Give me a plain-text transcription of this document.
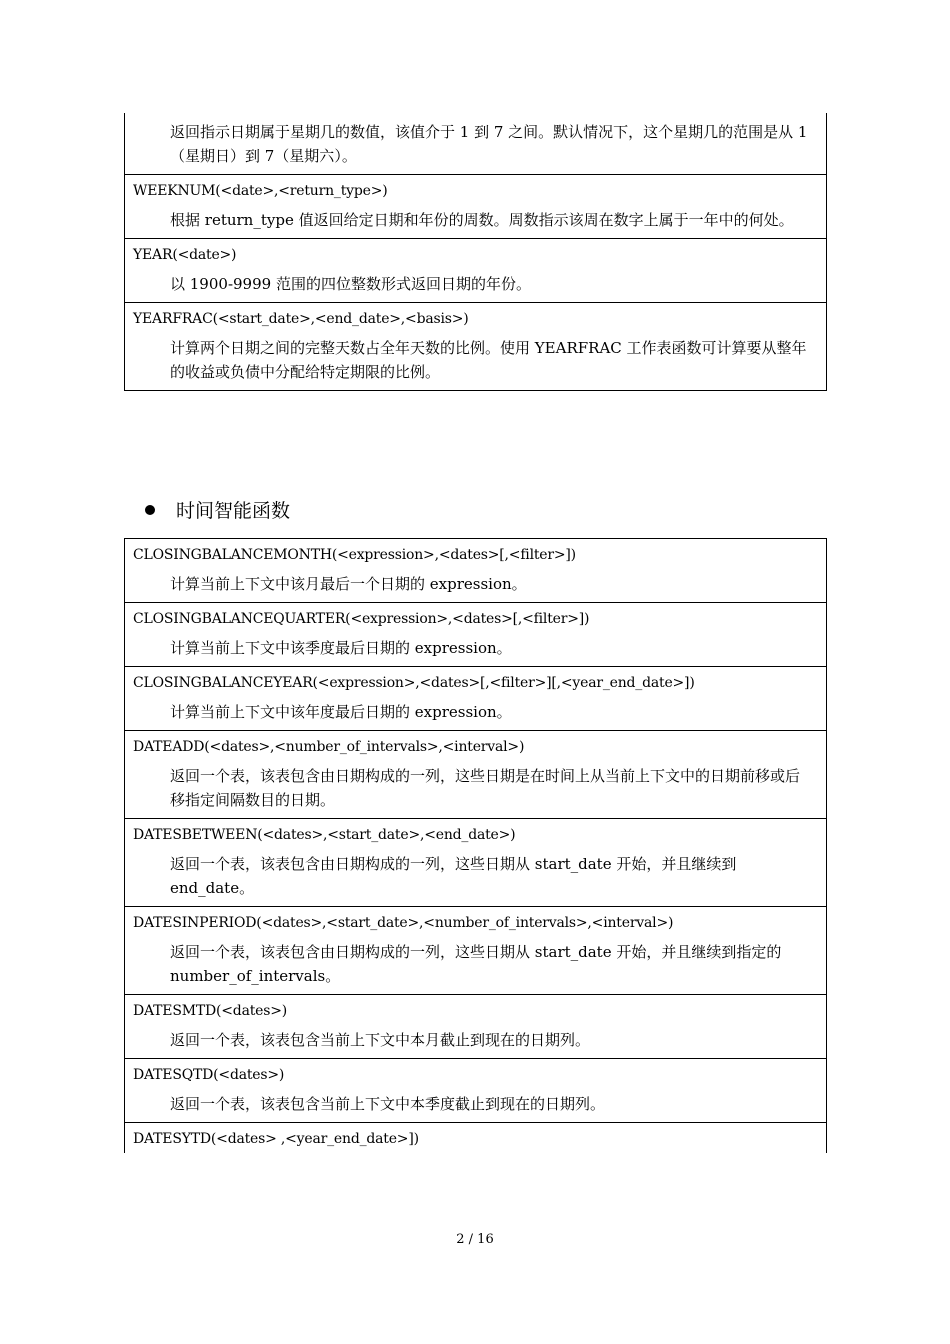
返回指示日期属于星期几的数值，该值介于 1 到 7 之间。默认情况下，这个星期几的范围是从 1（星期日）到 7（星期六）。
WEEKNUM(<date>,<return_type>)
根据 return_type 值返回给定日期和年份的周数。周数指示该周在数字上属于一年中的何处。
YEAR(<date>)
以 1900-9999 范围的四位整数形式返回日期的年份。
YEARFRAC(<start_date>,<end_date>,<basis>)
计算两个日期之间的完整天数占全年天数的比例。使用 YEARFRAC 工作表函数可计算要从整年的收益或负债中分配给特定期限的比例。
时间智能函数
CLOSINGBALANCEMONTH(<expression>,<dates>[,<filter>])
计算当前上下文中该月最后一个日期的 expression。
CLOSINGBALANCEQUARTER(<expression>,<dates>[,<filter>])
计算当前上下文中该季度最后日期的 expression。
CLOSINGBALANCEYEAR(<expression>,<dates>[,<filter>][,<year_end_date>])
计算当前上下文中该年度最后日期的 expression。
DATEADD(<dates>,<number_of_intervals>,<interval>)
返回一个表，该表包含由日期构成的一列，这些日期是在时间上从当前上下文中的日期前移或后移指定间隔数目的日期。
DATESBETWEEN(<dates>,<start_date>,<end_date>)
返回一个表，该表包含由日期构成的一列，这些日期从 start_date 开始，并且继续到 end_date。
DATESINPERIOD(<dates>,<start_date>,<number_of_intervals>,<interval>)
返回一个表，该表包含由日期构成的一列，这些日期从 start_date 开始，并且继续到指定的 number_of_intervals。
DATESMTD(<dates>)
返回一个表，该表包含当前上下文中本月截止到现在的日期列。
DATESQTD(<dates>)
返回一个表，该表包含当前上下文中本季度截止到现在的日期列。
DATESYTD(<dates> ,<year_end_date>])
2 / 16
